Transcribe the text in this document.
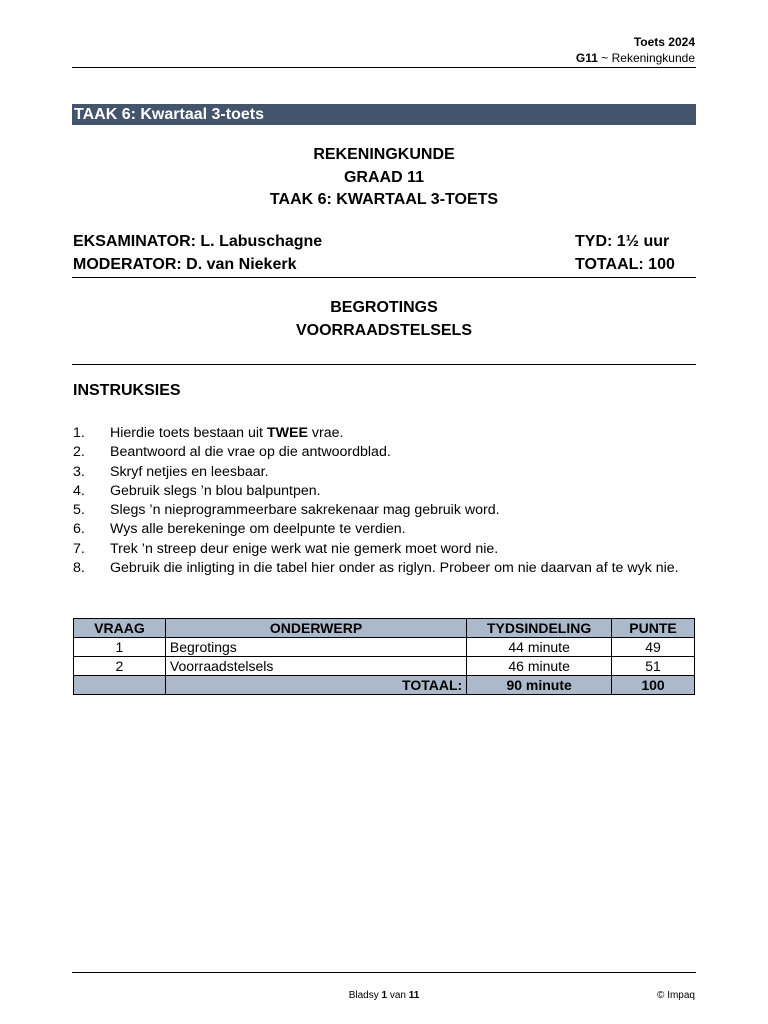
Toets 2024
G11 ~ Rekeningkunde
TAAK 6: Kwartaal 3-toets
REKENINGKUNDE
GRAAD 11
TAAK 6: KWARTAAL 3-TOETS
EKSAMINATOR: L. Labuschagne	TYD: 1½ uur
MODERATOR: D. van Niekerk	TOTAAL: 100
BEGROTINGS
VOORRAADSTELSELS
INSTRUKSIES
1.	Hierdie toets bestaan uit TWEE vrae.
2.	Beantwoord al die vrae op die antwoordblad.
3.	Skryf netjies en leesbaar.
4.	Gebruik slegs ’n blou balpuntpen.
5.	Slegs ’n nieprogrammeerbare sakrekenaar mag gebruik word.
6.	Wys alle berekeninge om deelpunte te verdien.
7.	Trek ’n streep deur enige werk wat nie gemerk moet word nie.
8.	Gebruik die inligting in die tabel hier onder as riglyn. Probeer om nie daarvan af te wyk nie.
VRAAG	ONDERWERP	TYDSINDELING	PUNTE
1	Begrotings	44 minute	49
2	Voorraadstelsels	46 minute	51
	TOTAAL:	90 minute	100
Bladsy 1 van 11	© Impaq
